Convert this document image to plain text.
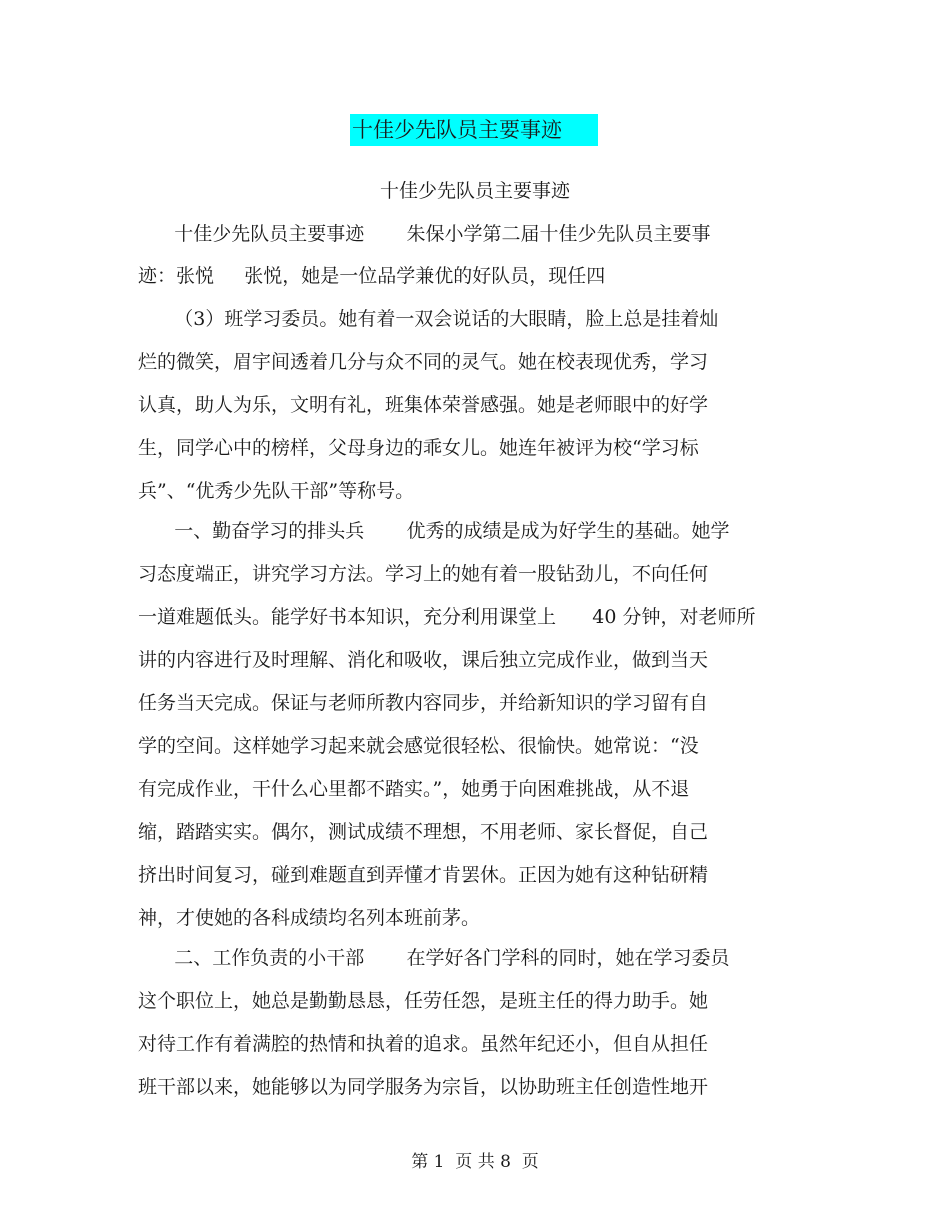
十佳少先队员主要事迹
十佳少先队员主要事迹
十佳少先队员主要事迹       朱保小学第二届十佳少先队员主要事
迹：张悦     张悦，她是一位品学兼优的好队员，现任四
（3）班学习委员。她有着一双会说话的大眼睛，脸上总是挂着灿
烂的微笑，眉宇间透着几分与众不同的灵气。她在校表现优秀，学习
认真，助人为乐，文明有礼，班集体荣誉感强。她是老师眼中的好学
生，同学心中的榜样，父母身边的乖女儿。她连年被评为校“学习标
兵”、“优秀少先队干部”等称号。
一、勤奋学习的排头兵       优秀的成绩是成为好学生的基础。她学
习态度端正，讲究学习方法。学习上的她有着一股钻劲儿，不向任何
一道难题低头。能学好书本知识，充分利用课堂上      40 分钟，对老师所
讲的内容进行及时理解、消化和吸收，课后独立完成作业，做到当天
任务当天完成。保证与老师所教内容同步，并给新知识的学习留有自
学的空间。这样她学习起来就会感觉很轻松、很愉快。她常说：“没
有完成作业，干什么心里都不踏实。”，她勇于向困难挑战，从不退
缩，踏踏实实。偶尔，测试成绩不理想，不用老师、家长督促，自己
挤出时间复习，碰到难题直到弄懂才肯罢休。正因为她有这种钻研精
神，才使她的各科成绩均名列本班前茅。
二、工作负责的小干部       在学好各门学科的同时，她在学习委员
这个职位上，她总是勤勤恳恳，任劳任怨，是班主任的得力助手。她
对待工作有着满腔的热情和执着的追求。虽然年纪还小，但自从担任
班干部以来，她能够以为同学服务为宗旨，以协助班主任创造性地开
第 1  页 共 8  页
